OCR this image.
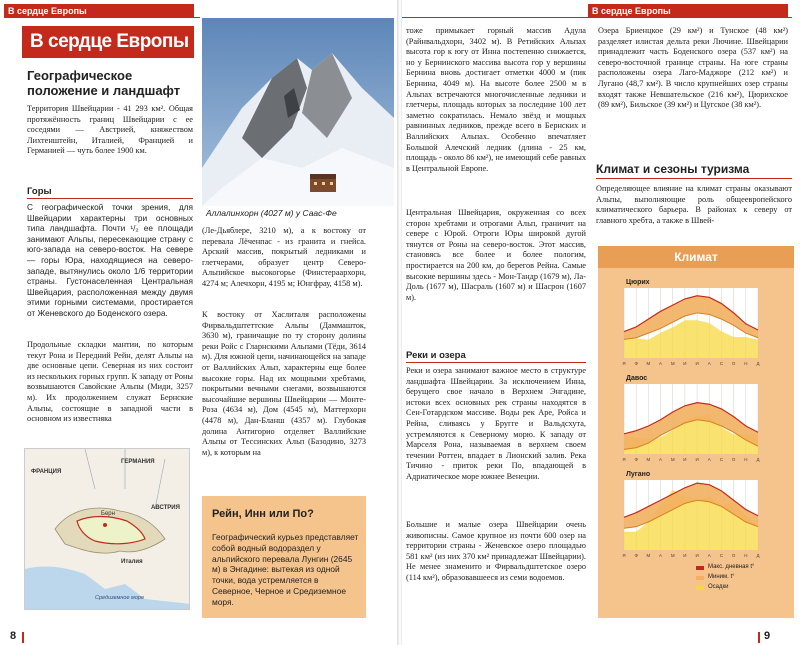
В сердце Европы
В сердце Европы
Географическое положение и ландшафт
Территория Швейцарии - 41 293 км². Общая протяжённость границ Швейцарии с ее соседями — Австрией, княжеством Лихтенштейн, Италией, Францией и Германией — чуть более 1900 км.
Горы
С географической точки зрения, для Швейцарии характерны три основных типа ландшафта. Почти ¹/₂ ее площади занимают Альпы, пересекающие страну с юго-запада на северо-восток. На севере — горы Юра, находящиеся на северо-западе, вытянулись около 1/6 территории страны. Густонаселенная Центральная Швейцария, расположенная между двумя этими горными системами, простирается от Женевского до Боденского озера.
Продольные складки мантии, по которым текут Рона и Передний Рейн, делят Альпы на две основные цепи. Северная из них состоит из нескольких горных групп. К западу от Роны возвышаются Савойские Альпы (Миди, 3257 м). Их продолжением служат Бернские Альпы, состоящие в западной части в основном из известняка
Аллалинхорн (4027 м) у Саас-Фе
(Ле-Дьяблере, 3210 м), а к востоку от перевала Лёченпас - из гранита и гнейса. Арский массив, покрытый ледниками и глетчерами, образует центр Северо-Альпийское высокогорье (Финстераархорн, 4274 м; Алечхорн, 4195 м; Юнгфрау, 4158 м).
К востоку от Хаслиталя расположены Фирвальдштеттские Альпы (Даммашток, 3630 м), граничащие по ту сторону долины реки Ройс с Гларнскими Альпами (Тёди, 3614 м). Для южной цепи, начинающейся на западе от Валлийских Альп, характерны еще более высокие горы. Над их мощными хребтами, покрытыми вечными снегами, возвышаются высочайшие вершины Швейцарии — Монте-Роза (4634 м), Дом (4545 м), Маттерхорн (4478 м), Дан-Бланш (4357 м). Глубокая долина Антигорио отделяет Валлийские Альпы от Тессинских Альп (Базодино, 3273 м), к которым на
ФРАНЦИЯ
ГЕРМАНИЯ
АВСТРИЯ
Берн
Италия
Средиземное море
Рейн, Инн или По?
Географический курьез представляет собой водный водораздел у альпийского перевала Лунгин (2645 м) в Энгадине: вытекая из одной точки, вода устремляется в Северное, Черное и Средиземное моря.
8
В сердце Европы
тоже примыкает горный массив Адула (Райнвальдхорн, 3402 м). В Ретийских Альпах высота гор к югу от Инна постепенно снижается, но у Бернинского массива высота гор у вершины Бернина вновь достигает отметки 4000 м (пик Бернина, 4049 м). На высоте более 2500 м в Альпах встречаются многочисленные ледники и глетчеры, площадь которых за последние 100 лет заметно сократилась. Немало звёзд и мощных равнинных ледников, прежде всего в Бернских и Валлийских Альпах. Особенно впечатляет Большой Алечский ледник (длина - 25 км, площадь - около 86 км²), не имеющий себе равных в Центральной Европе.
Центральная Швейцария, окруженная со всех сторон хребтами и отрогами Альп, граничит на севере с Юрой. Отроги Юры широкой дугой тянутся от Роны на северо-восток. Этот массив, становясь все более и более пологим, простирается на 200 км, до берегов Рейна. Самые высокие вершины здесь - Мон-Тандр (1679 м), Ла-Доль (1677 м), Шасраль (1607 м) и Шасрон (1607 м).
Реки и озера
Реки и озера занимают важное место в структуре ландшафта Швейцарии. За исключением Инна, берущего свое начало в Верхнем Энгадине, истоки всех основных рек страны находятся в Сен-Готардском массиве. Воды рек Аре, Ройса и Рейна, сливаясь у Бругге и Вальдсхута, устремляются к Северному морю. К западу от Марселя Рона, называемая в верхнем своем течении Роттен, впадает в Лионский залив. Река Тичино - приток реки По, впадающей в Адриатическое море южнее Венеции.
Большие и малые озера Швейцарии очень живописны. Самое крупное из почти 600 озер на территории страны - Женевское озеро площадью 581 км² (из них 370 км² принадлежат Швейцарии). Не менее знаменито и Фирвальдштетское озеро (114 км²), образовавшееся из семи водоемов.
Озера Бриенцкое (29 км²) и Тунское (48 км²) разделяет илистая дельта реки Лючине. Швейцарии принадлежит часть Боденского озера (537 км²) на северо-восточной границе страны. На юге страны расположены озера Лаго-Маджоре (212 км²) и Лугано (48,7 км²). В число крупнейших озер страны входят также Невшательское (216 км²), Цюрихское (89 км²), Бильское (39 км²) и Цугское (38 км²).
Климат и сезоны туризма
Определяющее влияние на климат страны оказывают Альпы, выполняющие роль общеевропейского климатического барьера. В районах к северу от главного хребта, а также в Швей-
Климат
Цюрих
Я Ф М А М И И А С О Н Д
Давос
Я Ф М А М И И А С О Н Д
Лугано
Я Ф М А М И И А С О Н Д
Макс. дневная t°
Миним. t°
Осадки
9
